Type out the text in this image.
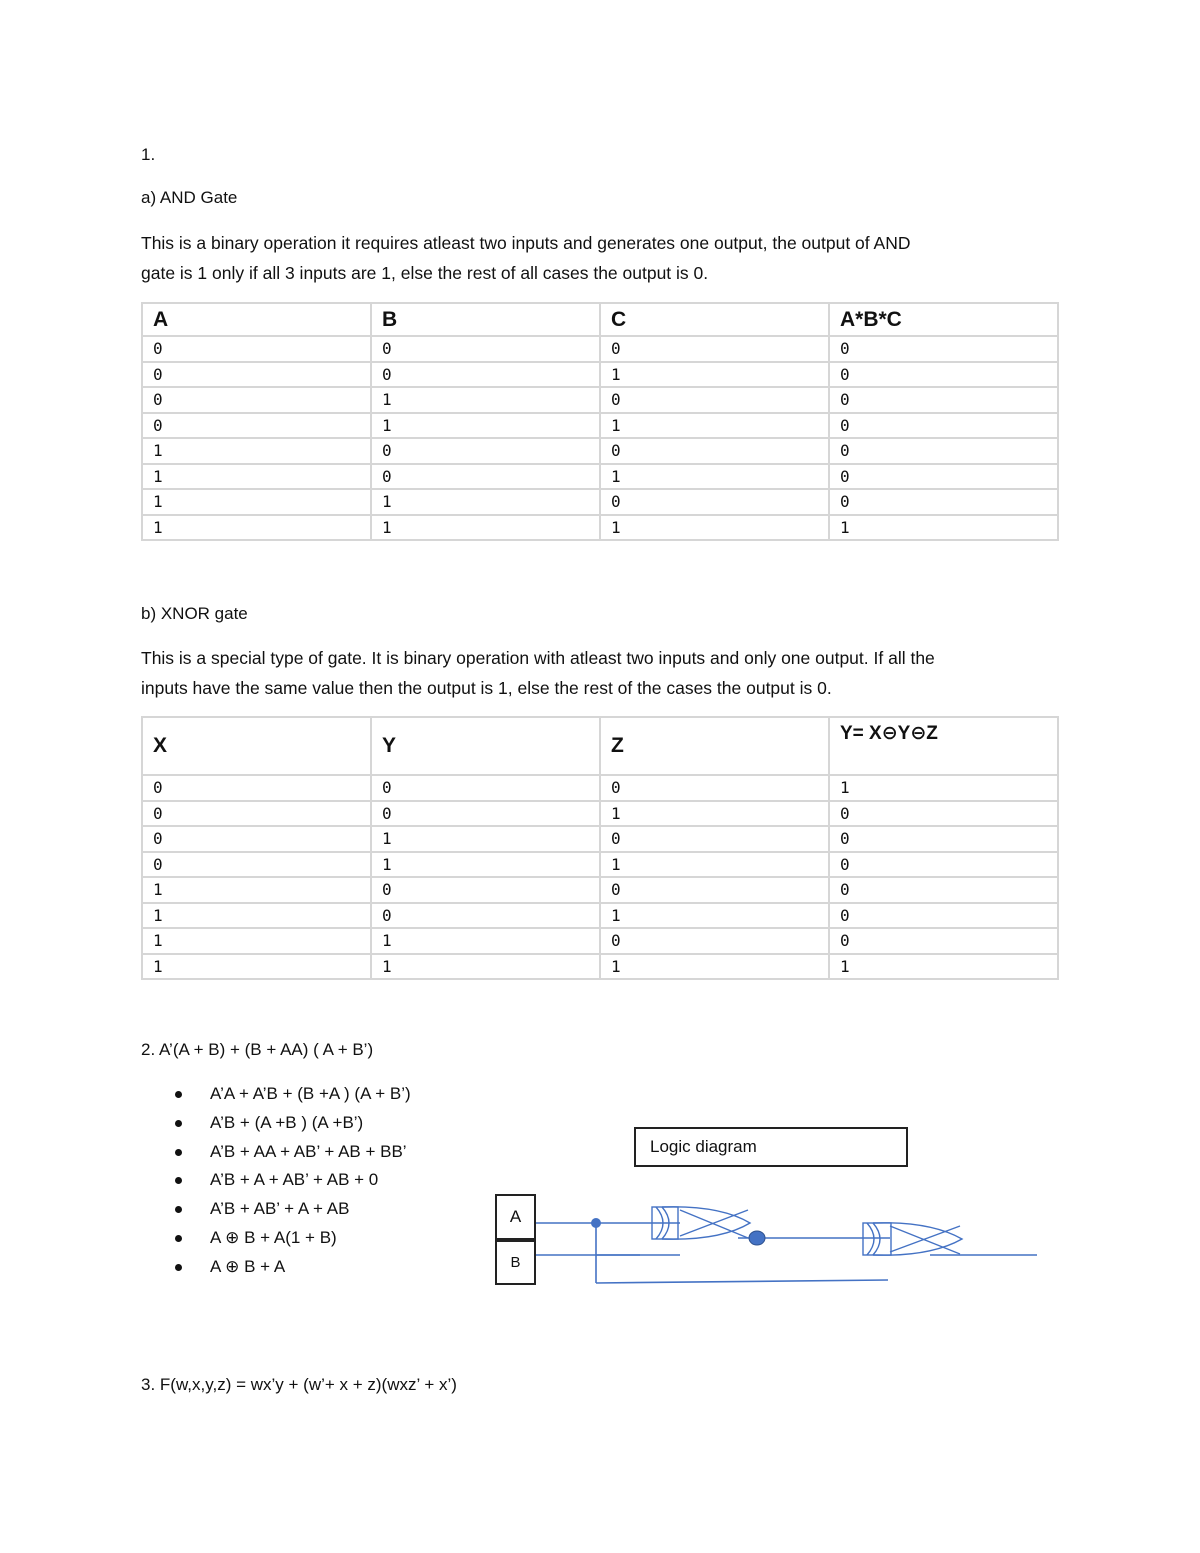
1.
a) AND Gate
This is a binary operation it requires atleast two inputs and generates one output, the output of AND
gate is 1 only if all 3 inputs are 1, else the rest of all cases the output is 0.
A	B	C	A*B*C
0	0	0	0
0	0	1	0
0	1	0	0
0	1	1	0
1	0	0	0
1	0	1	0
1	1	0	0
1	1	1	1
b) XNOR gate
This is a special type of gate. It is binary operation with atleast two inputs and only one output. If all the
inputs have the same value then the output is 1, else the rest of the cases the output is 0.
X	Y	Z	Y= X⊖Y⊖Z
0	0	0	1
0	0	1	0
0	1	0	0
0	1	1	0
1	0	0	0
1	0	1	0
1	1	0	0
1	1	1	1
2. A’(A + B) + (B + AA) ( A + B’)
A’A + A’B + (B +A ) (A + B’)
A’B + (A +B ) (A +B’)
A’B + AA + AB’ + AB + BB’
A’B + A + AB’ + AB + 0
A’B + AB’ + A + AB
A ⊕ B + A(1 + B)
A ⊕ B + A
Logic diagram
A
B
3. F(w,x,y,z) = wx’y + (w’+ x + z)(wxz’ + x’)
